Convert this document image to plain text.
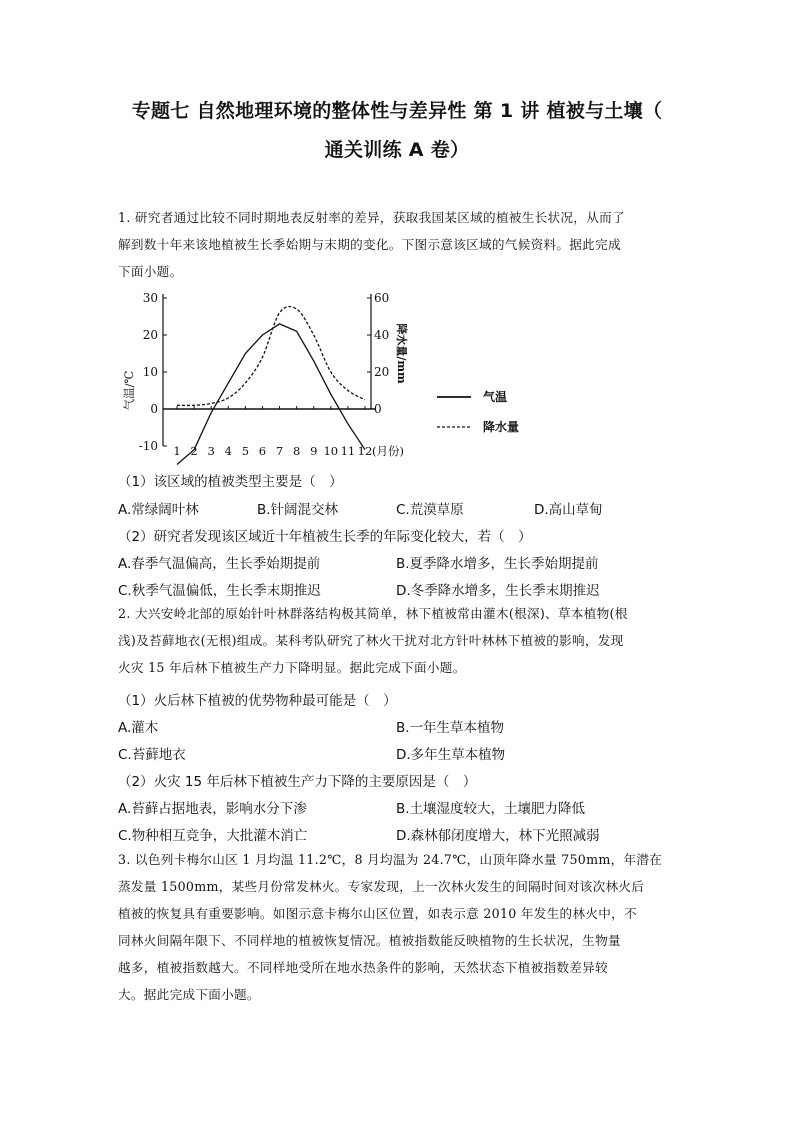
专题七 自然地理环境的整体性与差异性 第 1 讲 植被与土壤（
通关训练 A 卷）
1. 研究者通过比较不同时期地表反射率的差异，获取我国某区域的植被生长状况，从而了
解到数十年来该地植被生长季始期与末期的变化。下图示意该区域的气候资料。据此完成
下面小题。
-10
0
10
20
30
0
20
40
60
1 2 3 4 5 6 7 8 9 10 11 12 (月份)
气温/℃
降水量/mm
气温
降水量
（1）该区域的植被类型主要是（　）
A.常绿阔叶林	B.针阔混交林	C.荒漠草原	D.高山草甸
（2）研究者发现该区域近十年植被生长季的年际变化较大，若（　）
A.春季气温偏高，生长季始期提前	B.夏季降水增多，生长季始期提前
C.秋季气温偏低，生长季末期推迟	D.冬季降水增多，生长季末期推迟
2. 大兴安岭北部的原始针叶林群落结构极其简单，林下植被常由灌木(根深)、草本植物(根
浅)及苔藓地衣(无根)组成。某科考队研究了林火干扰对北方针叶林林下植被的影响，发现
火灾 15 年后林下植被生产力下降明显。据此完成下面小题。
（1）火后林下植被的优势物种最可能是（　）
A.灌木	B.一年生草本植物
C.苔藓地衣	D.多年生草本植物
（2）火灾 15 年后林下植被生产力下降的主要原因是（　）
A.苔藓占据地表，影响水分下渗	B.土壤湿度较大，土壤肥力降低
C.物种相互竞争，大批灌木消亡	D.森林郁闭度增大，林下光照减弱
3. 以色列卡梅尔山区 1 月均温 11.2℃，8 月均温为 24.7℃，山顶年降水量 750mm，年潜在
蒸发量 1500mm，某些月份常发林火。专家发现，上一次林火发生的间隔时间对该次林火后
植被的恢复具有重要影响。如图示意卡梅尔山区位置，如表示意 2010 年发生的林火中，不
同林火间隔年限下、不同样地的植被恢复情况。植被指数能反映植物的生长状况，生物量
越多，植被指数越大。不同样地受所在地水热条件的影响，天然状态下植被指数差异较
大。据此完成下面小题。
